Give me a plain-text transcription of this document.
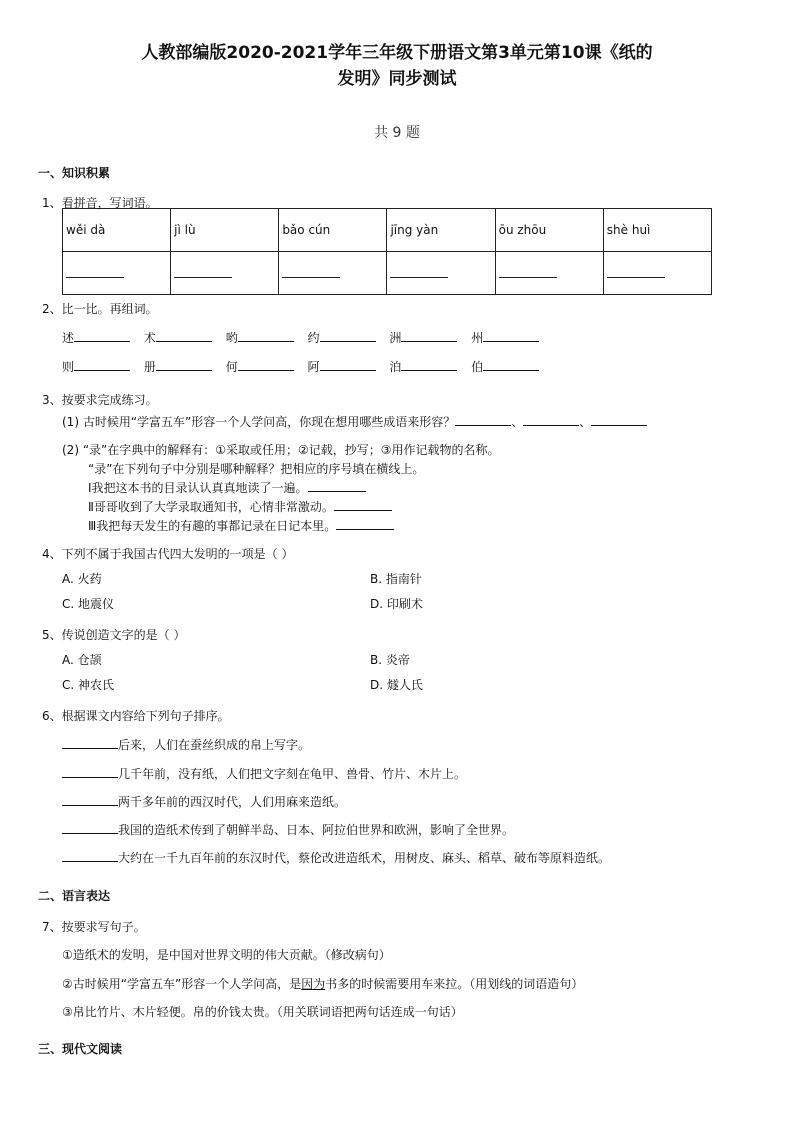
人教部编版2020-2021学年三年级下册语文第3单元第10课《纸的
发明》同步测试
共 9 题
一、知识积累
1、看拼音，写词语。
wěi dà	jì lù	bǎo cún	jīng yàn	ōu zhōu	shè huì

2、比一比。再组词。
述	术	哟	约	洲	州
则	册	何	阿	泊	伯
3、按要求完成练习。
(1) 古时候用“学富五车”形容一个人学问高，你现在想用哪些成语来形容？	、	、
(2) “录”在字典中的解释有：①采取或任用；②记载，抄写；③用作记载物的名称。
“录”在下列句子中分别是哪种解释？把相应的序号填在横线上。
Ⅰ我把这本书的目录认认真真地读了一遍。
Ⅱ哥哥收到了大学录取通知书，心情非常激动。
Ⅲ我把每天发生的有趣的事都记录在日记本里。
4、下列不属于我国古代四大发明的一项是（ ）
A. 火药	B. 指南针
C. 地震仪	D. 印刷术
5、传说创造文字的是（ ）
A. 仓颉	B. 炎帝
C. 神农氏	D. 燧人氏
6、根据课文内容给下列句子排序。
后来，人们在蚕丝织成的帛上写字。
几千年前，没有纸，人们把文字刻在龟甲、兽骨、竹片、木片上。
两千多年前的西汉时代，人们用麻来造纸。
我国的造纸术传到了朝鲜半岛、日本、阿拉伯世界和欧洲，影响了全世界。
大约在一千九百年前的东汉时代，蔡伦改进造纸术，用树皮、麻头、稻草、破布等原料造纸。
二、语言表达
7、按要求写句子。
①造纸术的发明，是中国对世界文明的伟大贡献。（修改病句）
②古时候用“学富五车”形容一个人学问高，是因为书多的时候需要用车来拉。（用划线的词语造句）
③帛比竹片、木片轻便。帛的价钱太贵。（用关联词语把两句话连成一句话）
三、现代文阅读
